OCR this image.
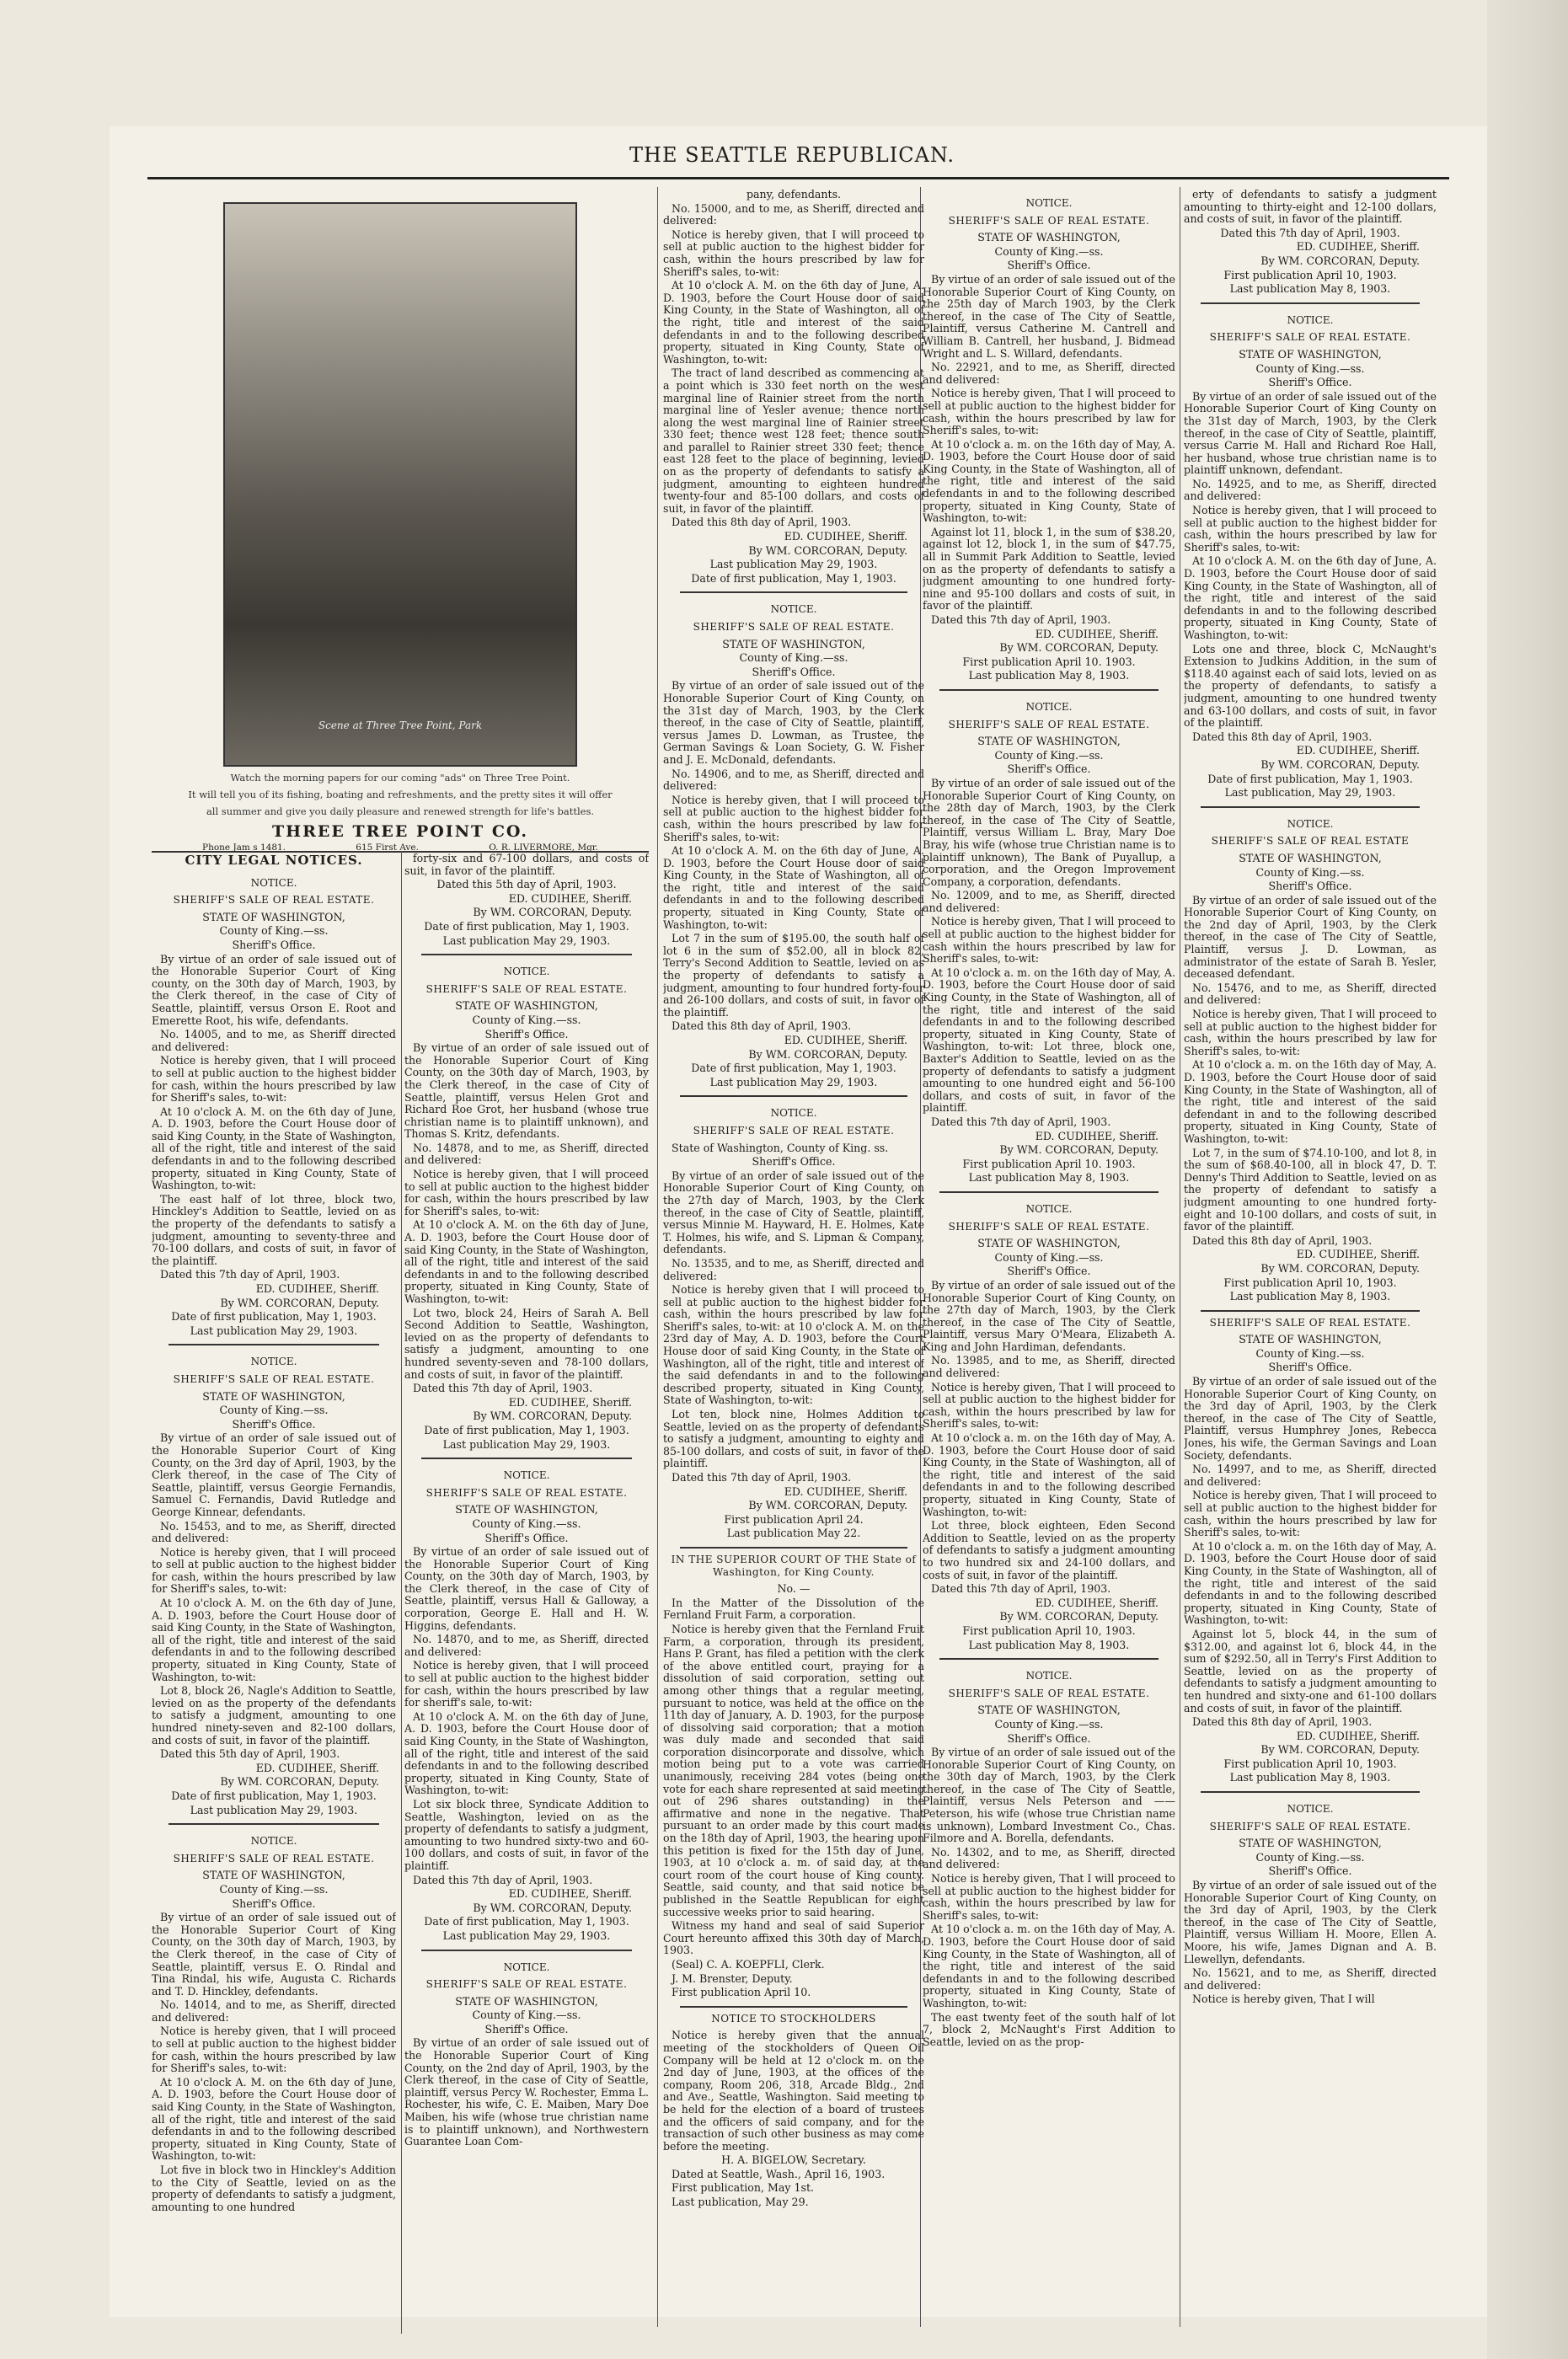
THE SEATTLE REPUBLICAN.
Scene at Three Tree Point, Park

Watch the morning papers for our coming "ads" on Three Tree Point.

It will tell you of its fishing, boating and refreshments, and the pretty sites it will offer

all summer and give you daily pleasure and renewed strength for life's battles.

THREE TREE POINT CO.
Phone Jam s 1481.	615 First Ave.	O. R. LIVERMORE, Mgr.
CITY LEGAL NOTICES.
NOTICE.
SHERIFF'S SALE OF REAL ESTATE.

STATE OF WASHINGTON,

County of King.—ss.

Sheriff's Office.

By virtue of an order of sale issued out of the Honorable Superior Court of King county, on the 30th day of March, 1903, by the Clerk thereof, in the case of City of Seattle, plaintiff, versus Orson E. Root and Emerette Root, his wife, defendants.

No. 14005, and to me, as Sheriff directed and delivered:

Notice is hereby given, that I will proceed to sell at public auction to the highest bidder for cash, within the hours prescribed by law for Sheriff's sales, to-wit:

At 10 o'clock A. M. on the 6th day of June, A. D. 1903, before the Court House door of said King County, in the State of Washington, all of the right, title and interest of the said defendants in and to the following described property, situated in King County, State of Washington, to-wit:

The east half of lot three, block two, Hinckley's Addition to Seattle, levied on as the property of the defendants to satisfy a judgment, amounting to seventy-three and 70-100 dollars, and costs of suit, in favor of the plaintiff.

Dated this 7th day of April, 1903.

ED. CUDIHEE, Sheriff.

By WM. CORCORAN, Deputy.

Date of first publication, May 1, 1903.

Last publication May 29, 1903.

NOTICE.
SHERIFF'S SALE OF REAL ESTATE.

STATE OF WASHINGTON,

County of King.—ss.

Sheriff's Office.

By virtue of an order of sale issued out of the Honorable Superior Court of King County, on the 3rd day of April, 1903, by the Clerk thereof, in the case of The City of Seattle, plaintiff, versus Georgie Fernandis, Samuel C. Fernandis, David Rutledge and George Kinnear, defendants.

No. 15453, and to me, as Sheriff, directed and delivered:

Notice is hereby given, that I will proceed to sell at public auction to the highest bidder for cash, within the hours prescribed by law for Sheriff's sales, to-wit:

At 10 o'clock A. M. on the 6th day of June, A. D. 1903, before the Court House door of said King County, in the State of Washington, all of the right, title and interest of the said defendants in and to the following described property, situated in King County, State of Washington, to-wit:

Lot 8, block 26, Nagle's Addition to Seattle, levied on as the property of the defendants to satisfy a judgment, amounting to one hundred ninety-seven and 82-100 dollars, and costs of suit, in favor of the plaintiff.

Dated this 5th day of April, 1903.

ED. CUDIHEE, Sheriff.

By WM. CORCORAN, Deputy.

Date of first publication, May 1, 1903.

Last publication May 29, 1903.

NOTICE.
SHERIFF'S SALE OF REAL ESTATE.

STATE OF WASHINGTON,

County of King.—ss.

Sheriff's Office.

By virtue of an order of sale issued out of the Honorable Superior Court of King County, on the 30th day of March, 1903, by the Clerk thereof, in the case of City of Seattle, plaintiff, versus E. O. Rindal and Tina Rindal, his wife, Augusta C. Richards and T. D. Hinckley, defendants.

No. 14014, and to me, as Sheriff, directed and delivered:

Notice is hereby given, that I will proceed to sell at public auction to the highest bidder for cash, within the hours prescribed by law for Sheriff's sales, to-wit:

At 10 o'clock A. M. on the 6th day of June, A. D. 1903, before the Court House door of said King County, in the State of Washington, all of the right, title and interest of the said defendants in and to the following described property, situated in King County, State of Washington, to-wit:

Lot five in block two in Hinckley's Addition to the City of Seattle, levied on as the property of defendants to satisfy a judgment, amounting to one hundred

forty-six and 67-100 dollars, and costs of suit, in favor of the plaintiff.

Dated this 5th day of April, 1903.

ED. CUDIHEE, Sheriff.

By WM. CORCORAN, Deputy.

Date of first publication, May 1, 1903.

Last publication May 29, 1903.

NOTICE.
SHERIFF'S SALE OF REAL ESTATE.

STATE OF WASHINGTON,

County of King.—ss.

Sheriff's Office.

By virtue of an order of sale issued out of the Honorable Superior Court of King County, on the 30th day of March, 1903, by the Clerk thereof, in the case of City of Seattle, plaintiff, versus Helen Grot and Richard Roe Grot, her husband (whose true christian name is to plaintiff unknown), and Thomas S. Kritz, defendants.

No. 14878, and to me, as Sheriff, directed and delivered:

Notice is hereby given, that I will proceed to sell at public auction to the highest bidder for cash, within the hours prescribed by law for Sheriff's sales, to-wit:

At 10 o'clock A. M. on the 6th day of June, A. D. 1903, before the Court House door of said King County, in the State of Washington, all of the right, title and interest of the said defendants in and to the following described property, situated in King County, State of Washington, to-wit:

Lot two, block 24, Heirs of Sarah A. Bell Second Addition to Seattle, Washington, levied on as the property of defendants to satisfy a judgment, amounting to one hundred seventy-seven and 78-100 dollars, and costs of suit, in favor of the plaintiff.

Dated this 7th day of April, 1903.

ED. CUDIHEE, Sheriff.

By WM. CORCORAN, Deputy.

Date of first publication, May 1, 1903.

Last publication May 29, 1903.

NOTICE.
SHERIFF'S SALE OF REAL ESTATE.

STATE OF WASHINGTON,

County of King.—ss.

Sheriff's Office.

By virtue of an order of sale issued out of the Honorable Superior Court of King County, on the 30th day of March, 1903, by the Clerk thereof, in the case of City of Seattle, plaintiff, versus Hall & Galloway, a corporation, George E. Hall and H. W. Higgins, defendants.

No. 14870, and to me, as Sheriff, directed and delivered:

Notice is hereby given, that I will proceed to sell at public auction to the highest bidder for cash, within the hours prescribed by law for sheriff's sale, to-wit:

At 10 o'clock A. M. on the 6th day of June, A. D. 1903, before the Court House door of said King County, in the State of Washington, all of the right, title and interest of the said defendants in and to the following described property, situated in King County, State of Washington, to-wit:

Lot six block three, Syndicate Addition to Seattle, Washington, levied on as the property of defendants to satisfy a judgment, amounting to two hundred sixty-two and 60-100 dollars, and costs of suit, in favor of the plaintiff.

Dated this 7th day of April, 1903.

ED. CUDIHEE, Sheriff.

By WM. CORCORAN, Deputy.

Date of first publication, May 1, 1903.

Last publication May 29, 1903.

NOTICE.
SHERIFF'S SALE OF REAL ESTATE.

STATE OF WASHINGTON,

County of King.—ss.

Sheriff's Office.

By virtue of an order of sale issued out of the Honorable Superior Court of King County, on the 2nd day of April, 1903, by the Clerk thereof, in the case of City of Seattle, plaintiff, versus Percy W. Rochester, Emma L. Rochester, his wife, C. E. Maiben, Mary Doe Maiben, his wife (whose true christian name is to plaintiff unknown), and Northwestern Guarantee Loan Com-

pany, defendants.

No. 15000, and to me, as Sheriff, directed and delivered:

Notice is hereby given, that I will proceed to sell at public auction to the highest bidder for cash, within the hours prescribed by law for Sheriff's sales, to-wit:

At 10 o'clock A. M. on the 6th day of June, A. D. 1903, before the Court House door of said King County, in the State of Washington, all of the right, title and interest of the said defendants in and to the following described property, situated in King County, State of Washington, to-wit:

The tract of land described as commencing at a point which is 330 feet north on the west marginal line of Rainier street from the north marginal line of Yesler avenue; thence north along the west marginal line of Rainier street 330 feet; thence west 128 feet; thence south and parallel to Rainier street 330 feet; thence east 128 feet to the place of beginning, levied on as the property of defendants to satisfy a judgment, amounting to eighteen hundred twenty-four and 85-100 dollars, and costs of suit, in favor of the plaintiff.

Dated this 8th day of April, 1903.

ED. CUDIHEE, Sheriff.

By WM. CORCORAN, Deputy.

Last publication May 29, 1903.

Date of first publication, May 1, 1903.

NOTICE.
SHERIFF'S SALE OF REAL ESTATE.

STATE OF WASHINGTON,

County of King.—ss.

Sheriff's Office.

By virtue of an order of sale issued out of the Honorable Superior Court of King County, on the 31st day of March, 1903, by the Clerk thereof, in the case of City of Seattle, plaintiff, versus James D. Lowman, as Trustee, the German Savings & Loan Society, G. W. Fisher and J. E. McDonald, defendants.

No. 14906, and to me, as Sheriff, directed and delivered:

Notice is hereby given, that I will proceed to sell at public auction to the highest bidder for cash, within the hours prescribed by law for Sheriff's sales, to-wit:

At 10 o'clock A. M. on the 6th day of June, A. D. 1903, before the Court House door of said King County, in the State of Washington, all of the right, title and interest of the said defendants in and to the following described property, situated in King County, State of Washington, to-wit:

Lot 7 in the sum of $195.00, the south half of lot 6 in the sum of $52.00, all in block 82, Terry's Second Addition to Seattle, levied on as the property of defendants to satisfy a judgment, amounting to four hundred forty-four and 26-100 dollars, and costs of suit, in favor of the plaintiff.

Dated this 8th day of April, 1903.

ED. CUDIHEE, Sheriff.

By WM. CORCORAN, Deputy.

Date of first publication, May 1, 1903.

Last publication May 29, 1903.

NOTICE.
SHERIFF'S SALE OF REAL ESTATE.

State of Washington, County of King. ss.

Sheriff's Office.

By virtue of an order of sale issued out of the Honorable Superior Court of King County, on the 27th day of March, 1903, by the Clerk thereof, in the case of City of Seattle, plaintiff, versus Minnie M. Hayward, H. E. Holmes, Kate T. Holmes, his wife, and S. Lipman & Company, defendants.

No. 13535, and to me, as Sheriff, directed and delivered:

Notice is hereby given that I will proceed to sell at public auction to the highest bidder for cash, within the hours prescribed by law for Sheriff's sales, to-wit: at 10 o'clock A. M. on the 23rd day of May, A. D. 1903, before the Court House door of said King County, in the State of Washington, all of the right, title and interest of the said defendants in and to the following described property, situated in King County, State of Washington, to-wit:

Lot ten, block nine, Holmes Addition to Seattle, levied on as the property of defendants to satisfy a judgment, amounting to eighty and 85-100 dollars, and costs of suit, in favor of the plaintiff.

Dated this 7th day of April, 1903.

ED. CUDIHEE, Sheriff.

By WM. CORCORAN, Deputy.

First publication April 24.

Last publication May 22.

IN THE SUPERIOR COURT OF THE State of Washington, for King County.

No. —

In the Matter of the Dissolution of the Fernland Fruit Farm, a corporation.

Notice is hereby given that the Fernland Fruit Farm, a corporation, through its president, Hans P. Grant, has filed a petition with the clerk of the above entitled court, praying for a dissolution of said corporation, setting out among other things that a regular meeting, pursuant to notice, was held at the office on the 11th day of January, A. D. 1903, for the purpose of dissolving said corporation; that a motion was duly made and seconded that said corporation disincorporate and dissolve, which motion being put to a vote was carried unanimously, receiving 284 votes (being one vote for each share represented at said meeting out of 296 shares outstanding) in the affirmative and none in the negative. That pursuant to an order made by this court made on the 18th day of April, 1903, the hearing upon this petition is fixed for the 15th day of June, 1903, at 10 o'clock a. m. of said day, at the court room of the court house of King county. Seattle, said county, and that said notice be published in the Seattle Republican for eight successive weeks prior to said hearing.

Witness my hand and seal of said Superior Court hereunto affixed this 30th day of March, 1903.

(Seal) C. A. KOEPFLI, Clerk.

J. M. Brenster, Deputy.

First publication April 10.

NOTICE TO STOCKHOLDERS

Notice is hereby given that the annual meeting of the stockholders of Queen Oil Company will be held at 12 o'clock m. on the 2nd day of June, 1903, at the offices of the company, Room 206, 318, Arcade Bldg., 2nd and Ave., Seattle, Washington. Said meeting to be held for the election of a board of trustees and the officers of said company, and for the transaction of such other business as may come before the meeting.

H. A. BIGELOW, Secretary.

Dated at Seattle, Wash., April 16, 1903.

First publication, May 1st.

Last publication, May 29.

NOTICE.
SHERIFF'S SALE OF REAL ESTATE.

STATE OF WASHINGTON,

County of King.—ss.

Sheriff's Office.

By virtue of an order of sale issued out of the Honorable Superior Court of King County, on the 25th day of March 1903, by the Clerk thereof, in the case of The City of Seattle, Plaintiff, versus Catherine M. Cantrell and William B. Cantrell, her husband, J. Bidmead Wright and L. S. Willard, defendants.

No. 22921, and to me, as Sheriff, directed and delivered:

Notice is hereby given, That I will proceed to sell at public auction to the highest bidder for cash, within the hours prescribed by law for Sheriff's sales, to-wit:

At 10 o'clock a. m. on the 16th day of May, A. D. 1903, before the Court House door of said King County, in the State of Washington, all of the right, title and interest of the said defendants in and to the following described property, situated in King County, State of Washington, to-wit:

Against lot 11, block 1, in the sum of $38.20, against lot 12, block 1, in the sum of $47.75, all in Summit Park Addition to Seattle, levied on as the property of defendants to satisfy a judgment amounting to one hundred forty-nine and 95-100 dollars and costs of suit, in favor of the plaintiff.

Dated this 7th day of April, 1903.

ED. CUDIHEE, Sheriff.

By WM. CORCORAN, Deputy.

First publication April 10. 1903.

Last publication May 8, 1903.

NOTICE.
SHERIFF'S SALE OF REAL ESTATE.

STATE OF WASHINGTON,

County of King.—ss.

Sheriff's Office.

By virtue of an order of sale issued out of the Honorable Superior Court of King County, on the 28th day of March, 1903, by the Clerk thereof, in the case of The City of Seattle, Plaintiff, versus William L. Bray, Mary Doe Bray, his wife (whose true Christian name is to plaintiff unknown), The Bank of Puyallup, a corporation, and the Oregon Improvement Company, a corporation, defendants.

No. 12009, and to me, as Sheriff, directed and delivered:

Notice is hereby given, That I will proceed to sell at public auction to the highest bidder for cash within the hours prescribed by law for Sheriff's sales, to-wit:

At 10 o'clock a. m. on the 16th day of May, A. D. 1903, before the Court House door of said King County, in the State of Washington, all of the right, title and interest of the said defendants in and to the following described property, situated in King County, State of Washington, to-wit: Lot three, block one, Baxter's Addition to Seattle, levied on as the property of defendants to satisfy a judgment amounting to one hundred eight and 56-100 dollars, and costs of suit, in favor of the plaintiff.

Dated this 7th day of April, 1903.

ED. CUDIHEE, Sheriff.

By WM. CORCORAN, Deputy.

First publication April 10. 1903.

Last publication May 8, 1903.

NOTICE.
SHERIFF'S SALE OF REAL ESTATE.

STATE OF WASHINGTON,

County of King.—ss.

Sheriff's Office.

By virtue of an order of sale issued out of the Honorable Superior Court of King County, on the 27th day of March, 1903, by the Clerk thereof, in the case of The City of Seattle, Plaintiff, versus Mary O'Meara, Elizabeth A. King and John Hardiman, defendants.

No. 13985, and to me, as Sheriff, directed and delivered:

Notice is hereby given, That I will proceed to sell at public auction to the highest bidder for cash, within the hours prescribed by law for Sheriff's sales, to-wit:

At 10 o'clock a. m. on the 16th day of May, A. D. 1903, before the Court House door of said King County, in the State of Washington, all of the right, title and interest of the said defendants in and to the following described property, situated in King County, State of Washington, to-wit:

Lot three, block eighteen, Eden Second Addition to Seattle, levied on as the property of defendants to satisfy a judgment amounting to two hundred six and 24-100 dollars, and costs of suit, in favor of the plaintiff.

Dated this 7th day of April, 1903.

ED. CUDIHEE, Sheriff.

By WM. CORCORAN, Deputy.

First publication April 10, 1903.

Last publication May 8, 1903.

NOTICE.
SHERIFF'S SALE OF REAL ESTATE.

STATE OF WASHINGTON,

County of King.—ss.

Sheriff's Office.

By virtue of an order of sale issued out of the Honorable Superior Court of King County, on the 30th day of March, 1903, by the Clerk thereof, in the case of The City of Seattle, Plaintiff, versus Nels Peterson and —— Peterson, his wife (whose true Christian name is unknown), Lombard Investment Co., Chas. Filmore and A. Borella, defendants.

No. 14302, and to me, as Sheriff, directed and delivered:

Notice is hereby given, That I will proceed to sell at public auction to the highest bidder for cash, within the hours prescribed by law for Sheriff's sales, to-wit:

At 10 o'clock a. m. on the 16th day of May, A. D. 1903, before the Court House door of said King County, in the State of Washington, all of the right, title and interest of the said defendants in and to the following described property, situated in King County, State of Washington, to-wit:

The east twenty feet of the south half of lot 7, block 2, McNaught's First Addition to Seattle, levied on as the prop-

erty of defendants to satisfy a judgment amounting to thirty-eight and 12-100 dollars, and costs of suit, in favor of the plaintiff.

Dated this 7th day of April, 1903.

ED. CUDIHEE, Sheriff.

By WM. CORCORAN, Deputy.

First publication April 10, 1903.

Last publication May 8, 1903.

NOTICE.
SHERIFF'S SALE OF REAL ESTATE.

STATE OF WASHINGTON,

County of King.—ss.

Sheriff's Office.

By virtue of an order of sale issued out of the Honorable Superior Court of King County on the 31st day of March, 1903, by the Clerk thereof, in the case of City of Seattle, plaintiff, versus Carrie M. Hall and Richard Roe Hall, her husband, whose true christian name is to plaintiff unknown, defendant.

No. 14925, and to me, as Sheriff, directed and delivered:

Notice is hereby given, that I will proceed to sell at public auction to the highest bidder for cash, within the hours prescribed by law for Sheriff's sales, to-wit:

At 10 o'clock A. M. on the 6th day of June, A. D. 1903, before the Court House door of said King County, in the State of Washington, all of the right, title and interest of the said defendants in and to the following described property, situated in King County, State of Washington, to-wit:

Lots one and three, block C, McNaught's Extension to Judkins Addition, in the sum of $118.40 against each of said lots, levied on as the property of defendants, to satisfy a judgment, amounting to one hundred twenty and 63-100 dollars, and costs of suit, in favor of the plaintiff.

Dated this 8th day of April, 1903.

ED. CUDIHEE, Sheriff.

By WM. CORCORAN, Deputy.

Date of first publication, May 1, 1903.

Last publication, May 29, 1903.

NOTICE.
SHERIFF'S SALE OF REAL ESTATE

STATE OF WASHINGTON,

County of King.—ss.

Sheriff's Office.

By virtue of an order of sale issued out of the Honorable Superior Court of King County, on the 2nd day of April, 1903, by the Clerk thereof, in the case of The City of Seattle, Plaintiff, versus J. D. Lowman, as administrator of the estate of Sarah B. Yesler, deceased defendant.

No. 15476, and to me, as Sheriff, directed and delivered:

Notice is hereby given, That I will proceed to sell at public auction to the highest bidder for cash, within the hours prescribed by law for Sheriff's sales, to-wit:

At 10 o'clock a. m. on the 16th day of May, A. D. 1903, before the Court House door of said King County, in the State of Washington, all of the right, title and interest of the said defendant in and to the following described property, situated in King County, State of Washington, to-wit:

Lot 7, in the sum of $74.10-100, and lot 8, in the sum of $68.40-100, all in block 47, D. T. Denny's Third Addition to Seattle, levied on as the property of defendant to satisfy a judgment amounting to one hundred forty-eight and 10-100 dollars, and costs of suit, in favor of the plaintiff.

Dated this 8th day of April, 1903.

ED. CUDIHEE, Sheriff.

By WM. CORCORAN, Deputy.

First publication April 10, 1903.

Last publication May 8, 1903.

SHERIFF'S SALE OF REAL ESTATE.

STATE OF WASHINGTON,

County of King.—ss.

Sheriff's Office.

By virtue of an order of sale issued out of the Honorable Superior Court of King County, on the 3rd day of April, 1903, by the Clerk thereof, in the case of The City of Seattle, Plaintiff, versus Humphrey Jones, Rebecca Jones, his wife, the German Savings and Loan Society, defendants.

No. 14997, and to me, as Sheriff, directed and delivered:

Notice is hereby given, That I will proceed to sell at public auction to the highest bidder for cash, within the hours prescribed by law for Sheriff's sales, to-wit:

At 10 o'clock a. m. on the 16th day of May, A. D. 1903, before the Court House door of said King County, in the State of Washington, all of the right, title and interest of the said defendants in and to the following described property, situated in King County, State of Washington, to-wit:

Against lot 5, block 44, in the sum of $312.00, and against lot 6, block 44, in the sum of $292.50, all in Terry's First Addition to Seattle, levied on as the property of defendants to satisfy a judgment amounting to ten hundred and sixty-one and 61-100 dollars and costs of suit, in favor of the plaintiff.

Dated this 8th day of April, 1903.

ED. CUDIHEE, Sheriff.

By WM. CORCORAN, Deputy.

First publication April 10, 1903.

Last publication May 8, 1903.

NOTICE.
SHERIFF'S SALE OF REAL ESTATE.

STATE OF WASHINGTON,

County of King.—ss.

Sheriff's Office.

By virtue of an order of sale issued out of the Honorable Superior Court of King County, on the 3rd day of April, 1903, by the Clerk thereof, in the case of The City of Seattle, Plaintiff, versus William H. Moore, Ellen A. Moore, his wife, James Dignan and A. B. Llewellyn, defendants.

No. 15621, and to me, as Sheriff, directed and delivered:

Notice is hereby given, That I will
